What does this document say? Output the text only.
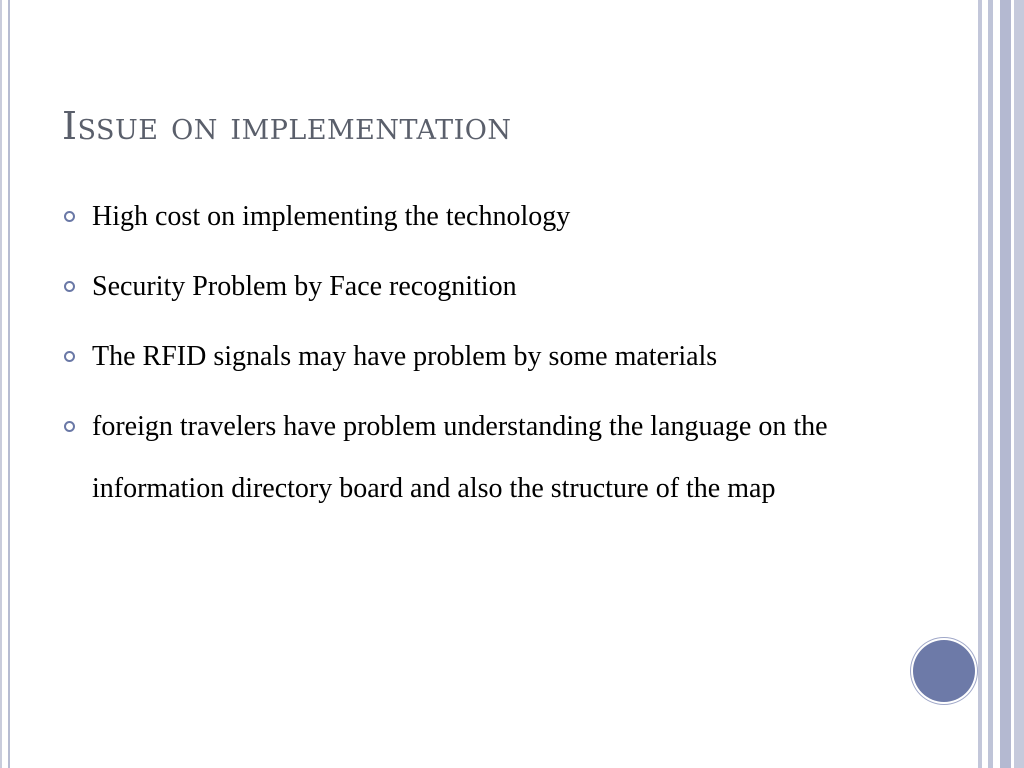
Issue on implementation
High cost on implementing the technology
Security Problem by Face recognition
The RFID signals may have problem by some materials
foreign travelers have problem understanding the language on the information directory board and also the structure of the map
